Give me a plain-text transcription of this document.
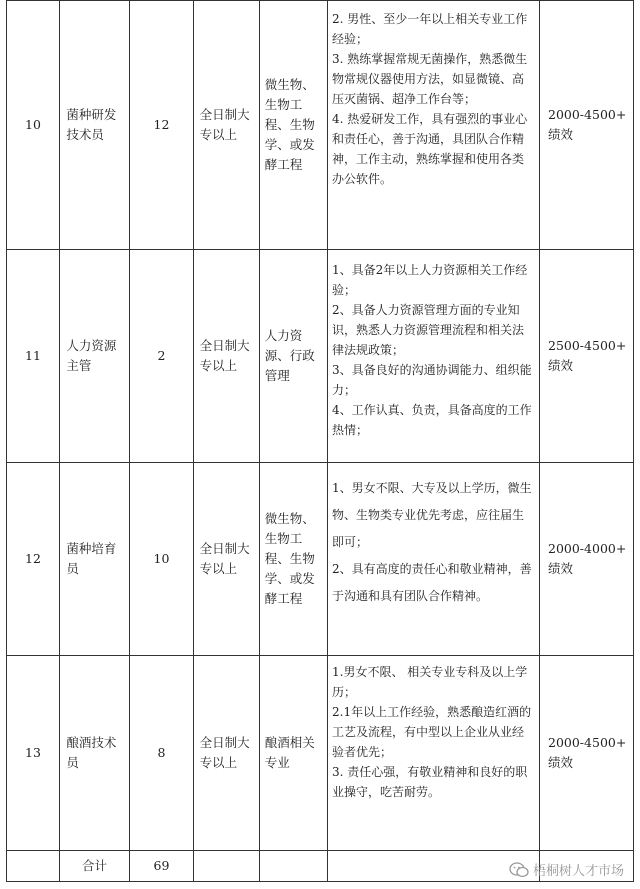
10	菌种研发技术员	12	全日制大专以上	微生物、生物工程、生物学、或发酵工程	2. 男性、至少一年以上相关专业工作经验；
3. 熟练掌握常规无菌操作，熟悉微生物常规仪器使用方法，如显微镜、高压灭菌锅、超净工作台等；
4. 热爱研发工作，具有强烈的事业心和责任心，善于沟通，具团队合作精神，工作主动，熟练掌握和使用各类办公软件。	2000-4500+ 绩效
11	人力资源主管	2	全日制大专以上	人力资源、行政管理	1、具备2年以上人力资源相关工作经验；
2、具备人力资源管理方面的专业知识，熟悉人力资源管理流程和相关法律法规政策；
3、具备良好的沟通协调能力、组织能力；
4、工作认真、负责，具备高度的工作热情；	2500-4500+ 绩效
12	菌种培育员	10	全日制大专以上	微生物、生物工程、生物学、或发酵工程	1、男女不限、大专及以上学历，微生物、生物类专业优先考虑，应往届生即可；
2、具有高度的责任心和敬业精神，善于沟通和具有团队合作精神。	2000-4000+ 绩效
13	酿酒技术员	8	全日制大专以上	酿酒相关专业	1.男女不限、 相关专业专科及以上学历；
2.1年以上工作经验，熟悉酿造红酒的工艺及流程，有中型以上企业从业经验者优先；
3. 责任心强，有敬业精神和良好的职业操守，吃苦耐劳。	2000-4500+ 绩效
	合计	69					梧桐树人才市场
